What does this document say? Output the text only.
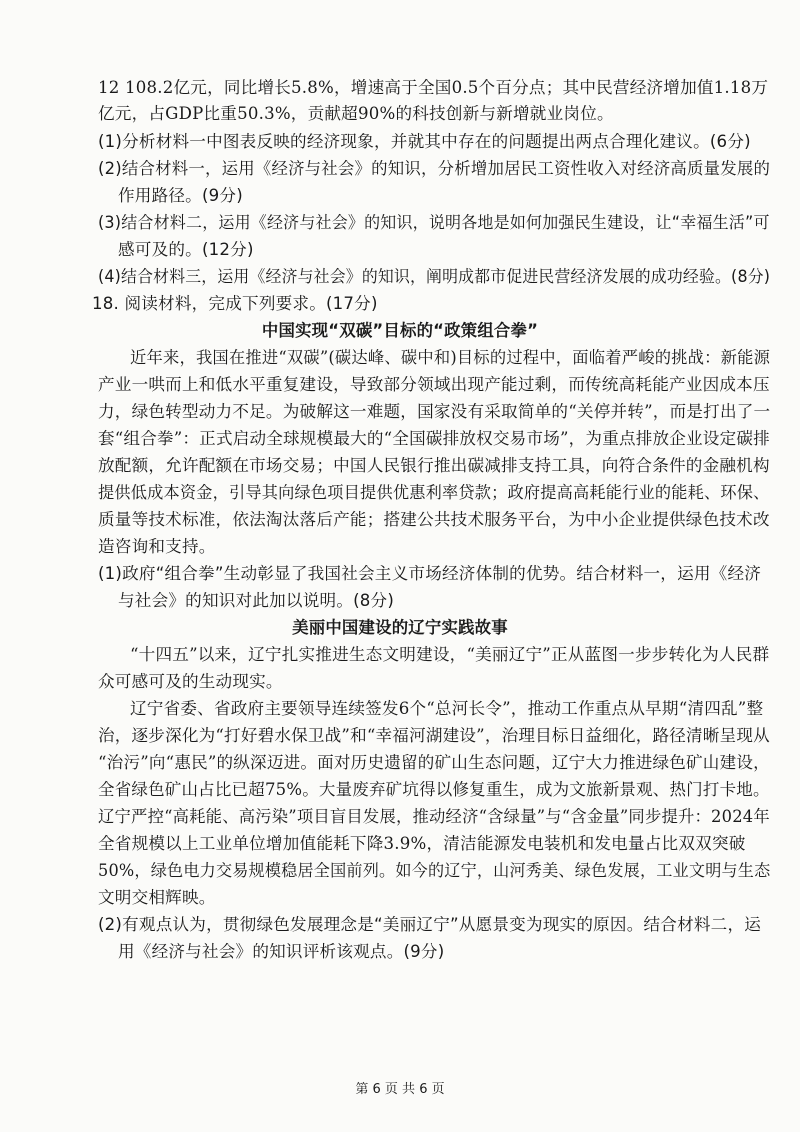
12 108.2亿元，同比增长5.8%，增速高于全国0.5个百分点；其中民营经济增加值1.18万
亿元，占GDP比重50.3%，贡献超90%的科技创新与新增就业岗位。
(1)分析材料一中图表反映的经济现象，并就其中存在的问题提出两点合理化建议。(6分)
(2)结合材料一，运用《经济与社会》的知识，分析增加居民工资性收入对经济高质量发展的
作用路径。(9分)
(3)结合材料二，运用《经济与社会》的知识，说明各地是如何加强民生建设，让“幸福生活”可
感可及的。(12分)
(4)结合材料三，运用《经济与社会》的知识，阐明成都市促进民营经济发展的成功经验。(8分)
18. 阅读材料，完成下列要求。(17分)
中国实现“双碳”目标的“政策组合拳”
近年来，我国在推进“双碳”(碳达峰、碳中和)目标的过程中，面临着严峻的挑战：新能源
产业一哄而上和低水平重复建设，导致部分领域出现产能过剩，而传统高耗能产业因成本压
力，绿色转型动力不足。为破解这一难题，国家没有采取简单的“关停并转”，而是打出了一
套“组合拳”：正式启动全球规模最大的“全国碳排放权交易市场”，为重点排放企业设定碳排
放配额，允许配额在市场交易；中国人民银行推出碳减排支持工具，向符合条件的金融机构
提供低成本资金，引导其向绿色项目提供优惠利率贷款；政府提高高耗能行业的能耗、环保、
质量等技术标准，依法淘汰落后产能；搭建公共技术服务平台，为中小企业提供绿色技术改
造咨询和支持。
(1)政府“组合拳”生动彰显了我国社会主义市场经济体制的优势。结合材料一，运用《经济
与社会》的知识对此加以说明。(8分)
美丽中国建设的辽宁实践故事
“十四五”以来，辽宁扎实推进生态文明建设，“美丽辽宁”正从蓝图一步步转化为人民群
众可感可及的生动现实。
辽宁省委、省政府主要领导连续签发6个“总河长令”，推动工作重点从早期“清四乱”整
治，逐步深化为“打好碧水保卫战”和“幸福河湖建设”，治理目标日益细化，路径清晰呈现从
“治污”向“惠民”的纵深迈进。面对历史遗留的矿山生态问题，辽宁大力推进绿色矿山建设，
全省绿色矿山占比已超75%。大量废弃矿坑得以修复重生，成为文旅新景观、热门打卡地。
辽宁严控“高耗能、高污染”项目盲目发展，推动经济“含绿量”与“含金量”同步提升：2024年
全省规模以上工业单位增加值能耗下降3.9%，清洁能源发电装机和发电量占比双双突破
50%，绿色电力交易规模稳居全国前列。如今的辽宁，山河秀美、绿色发展，工业文明与生态
文明交相辉映。
(2)有观点认为，贯彻绿色发展理念是“美丽辽宁”从愿景变为现实的原因。结合材料二，运
用《经济与社会》的知识评析该观点。(9分)
第 6 页 共 6 页
